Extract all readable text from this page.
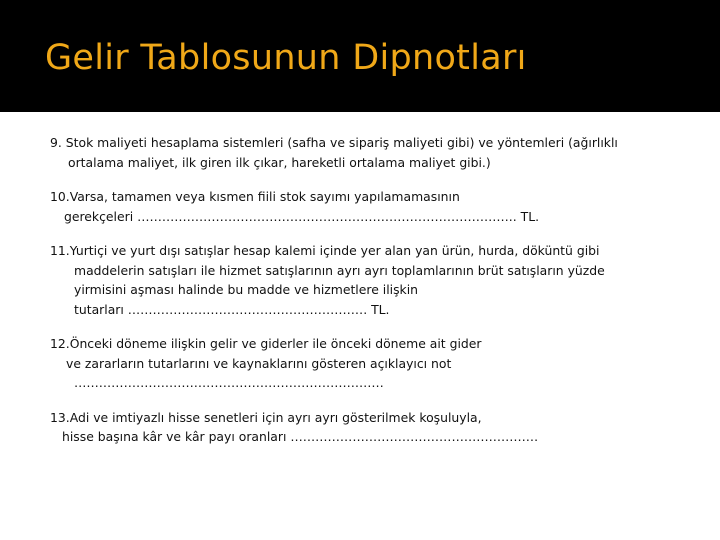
Gelir Tablosunun Dipnotları
9. Stok maliyeti hesaplama sistemleri (safha ve sipariş maliyeti gibi) ve yöntemleri (ağırlıklı
ortalama maliyet, ilk giren ilk çıkar, hareketli ortalama maliyet gibi.)
10.Varsa, tamamen veya kısmen fiili stok sayımı yapılamamasının
gerekçeleri ……………………………………………………………………………….. TL.
11.Yurtiçi ve yurt dışı satışlar hesap kalemi içinde yer alan yan ürün, hurda, döküntü gibi
maddelerin satışları ile hizmet satışlarının ayrı ayrı toplamlarının brüt satışların yüzde
yirmisini aşması halinde bu madde ve hizmetlere ilişkin
tutarları …………………………………………………. TL.
12.Önceki döneme ilişkin gelir ve giderler ile önceki döneme ait gider
ve zararların tutarlarını ve kaynaklarını gösteren açıklayıcı not
…………………………………………………………………
13.Adi ve imtiyazlı hisse senetleri için ayrı ayrı gösterilmek koşuluyla,
hisse başına kâr ve kâr payı oranları ……………………………………………………
